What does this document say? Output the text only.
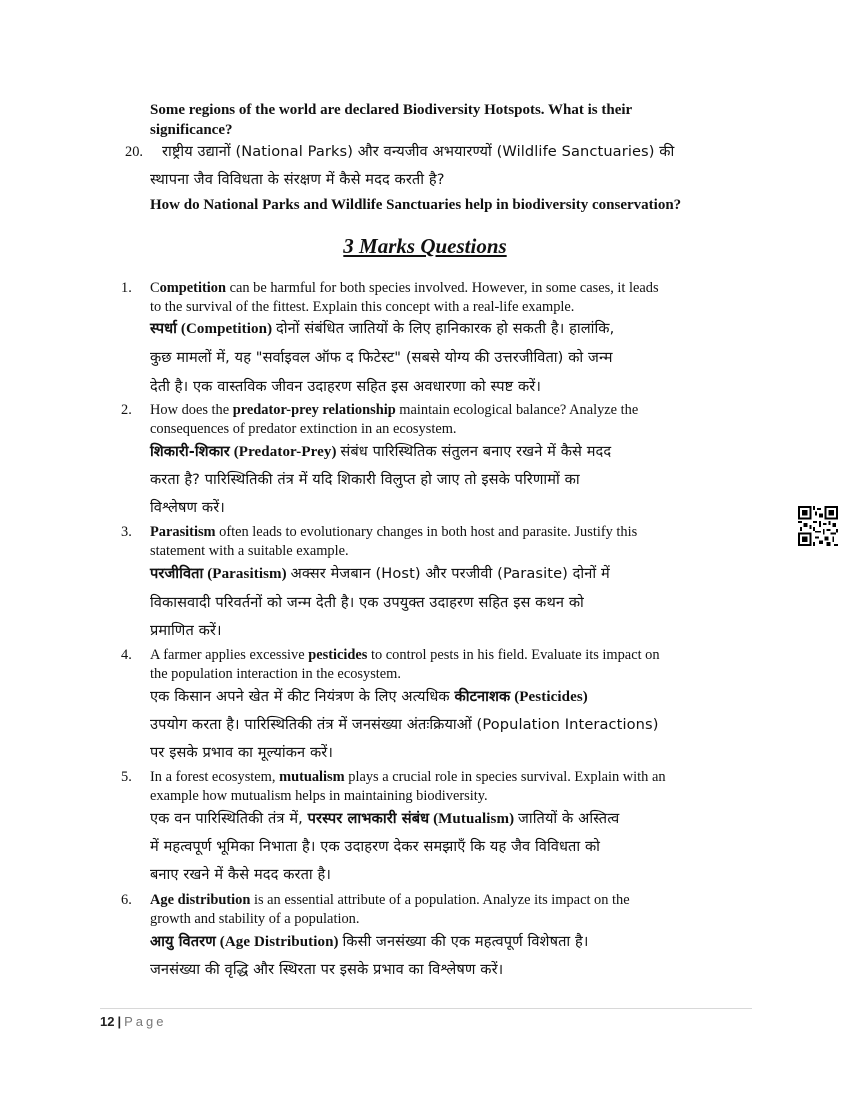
Some regions of the world are declared Biodiversity Hotspots. What is their

significance?

20. राष्ट्रीय उद्यानों (National Parks) और वन्यजीव अभयारण्यों (Wildlife Sanctuaries) की

स्थापना जैव विविधता के संरक्षण में कैसे मदद करती है?

How do National Parks and Wildlife Sanctuaries help in biodiversity conservation?

3 Marks Questions
1. Competition can be harmful for both species involved. However, in some cases, it leads

to the survival of the fittest. Explain this concept with a real-life example.

स्पर्धा (Competition) दोनों संबंधित जातियों के लिए हानिकारक हो सकती है। हालांकि,

कुछ मामलों में, यह "सर्वाइवल ऑफ द फिटेस्ट" (सबसे योग्य की उत्तरजीविता) को जन्म

देती है। एक वास्तविक जीवन उदाहरण सहित इस अवधारणा को स्पष्ट करें।

2. How does the predator-prey relationship maintain ecological balance? Analyze the

consequences of predator extinction in an ecosystem.

शिकारी-शिकार (Predator-Prey) संबंध पारिस्थितिक संतुलन बनाए रखने में कैसे मदद

करता है? पारिस्थितिकी तंत्र में यदि शिकारी विलुप्त हो जाए तो इसके परिणामों का

विश्लेषण करें।

3. Parasitism often leads to evolutionary changes in both host and parasite. Justify this

statement with a suitable example.

परजीविता (Parasitism) अक्सर मेजबान (Host) और परजीवी (Parasite) दोनों में

विकासवादी परिवर्तनों को जन्म देती है। एक उपयुक्त उदाहरण सहित इस कथन को

प्रमाणित करें।

4. A farmer applies excessive pesticides to control pests in his field. Evaluate its impact on

the population interaction in the ecosystem.

एक किसान अपने खेत में कीट नियंत्रण के लिए अत्यधिक कीटनाशक (Pesticides)

उपयोग करता है। पारिस्थितिकी तंत्र में जनसंख्या अंतःक्रियाओं (Population Interactions)

पर इसके प्रभाव का मूल्यांकन करें।

5. In a forest ecosystem, mutualism plays a crucial role in species survival. Explain with an

example how mutualism helps in maintaining biodiversity.

एक वन पारिस्थितिकी तंत्र में, परस्पर लाभकारी संबंध (Mutualism) जातियों के अस्तित्व

में महत्वपूर्ण भूमिका निभाता है। एक उदाहरण देकर समझाएँ कि यह जैव विविधता को

बनाए रखने में कैसे मदद करता है।

6. Age distribution is an essential attribute of a population. Analyze its impact on the

growth and stability of a population.

आयु वितरण (Age Distribution) किसी जनसंख्या की एक महत्वपूर्ण विशेषता है।

जनसंख्या की वृद्धि और स्थिरता पर इसके प्रभाव का विश्लेषण करें।

12 | Page
